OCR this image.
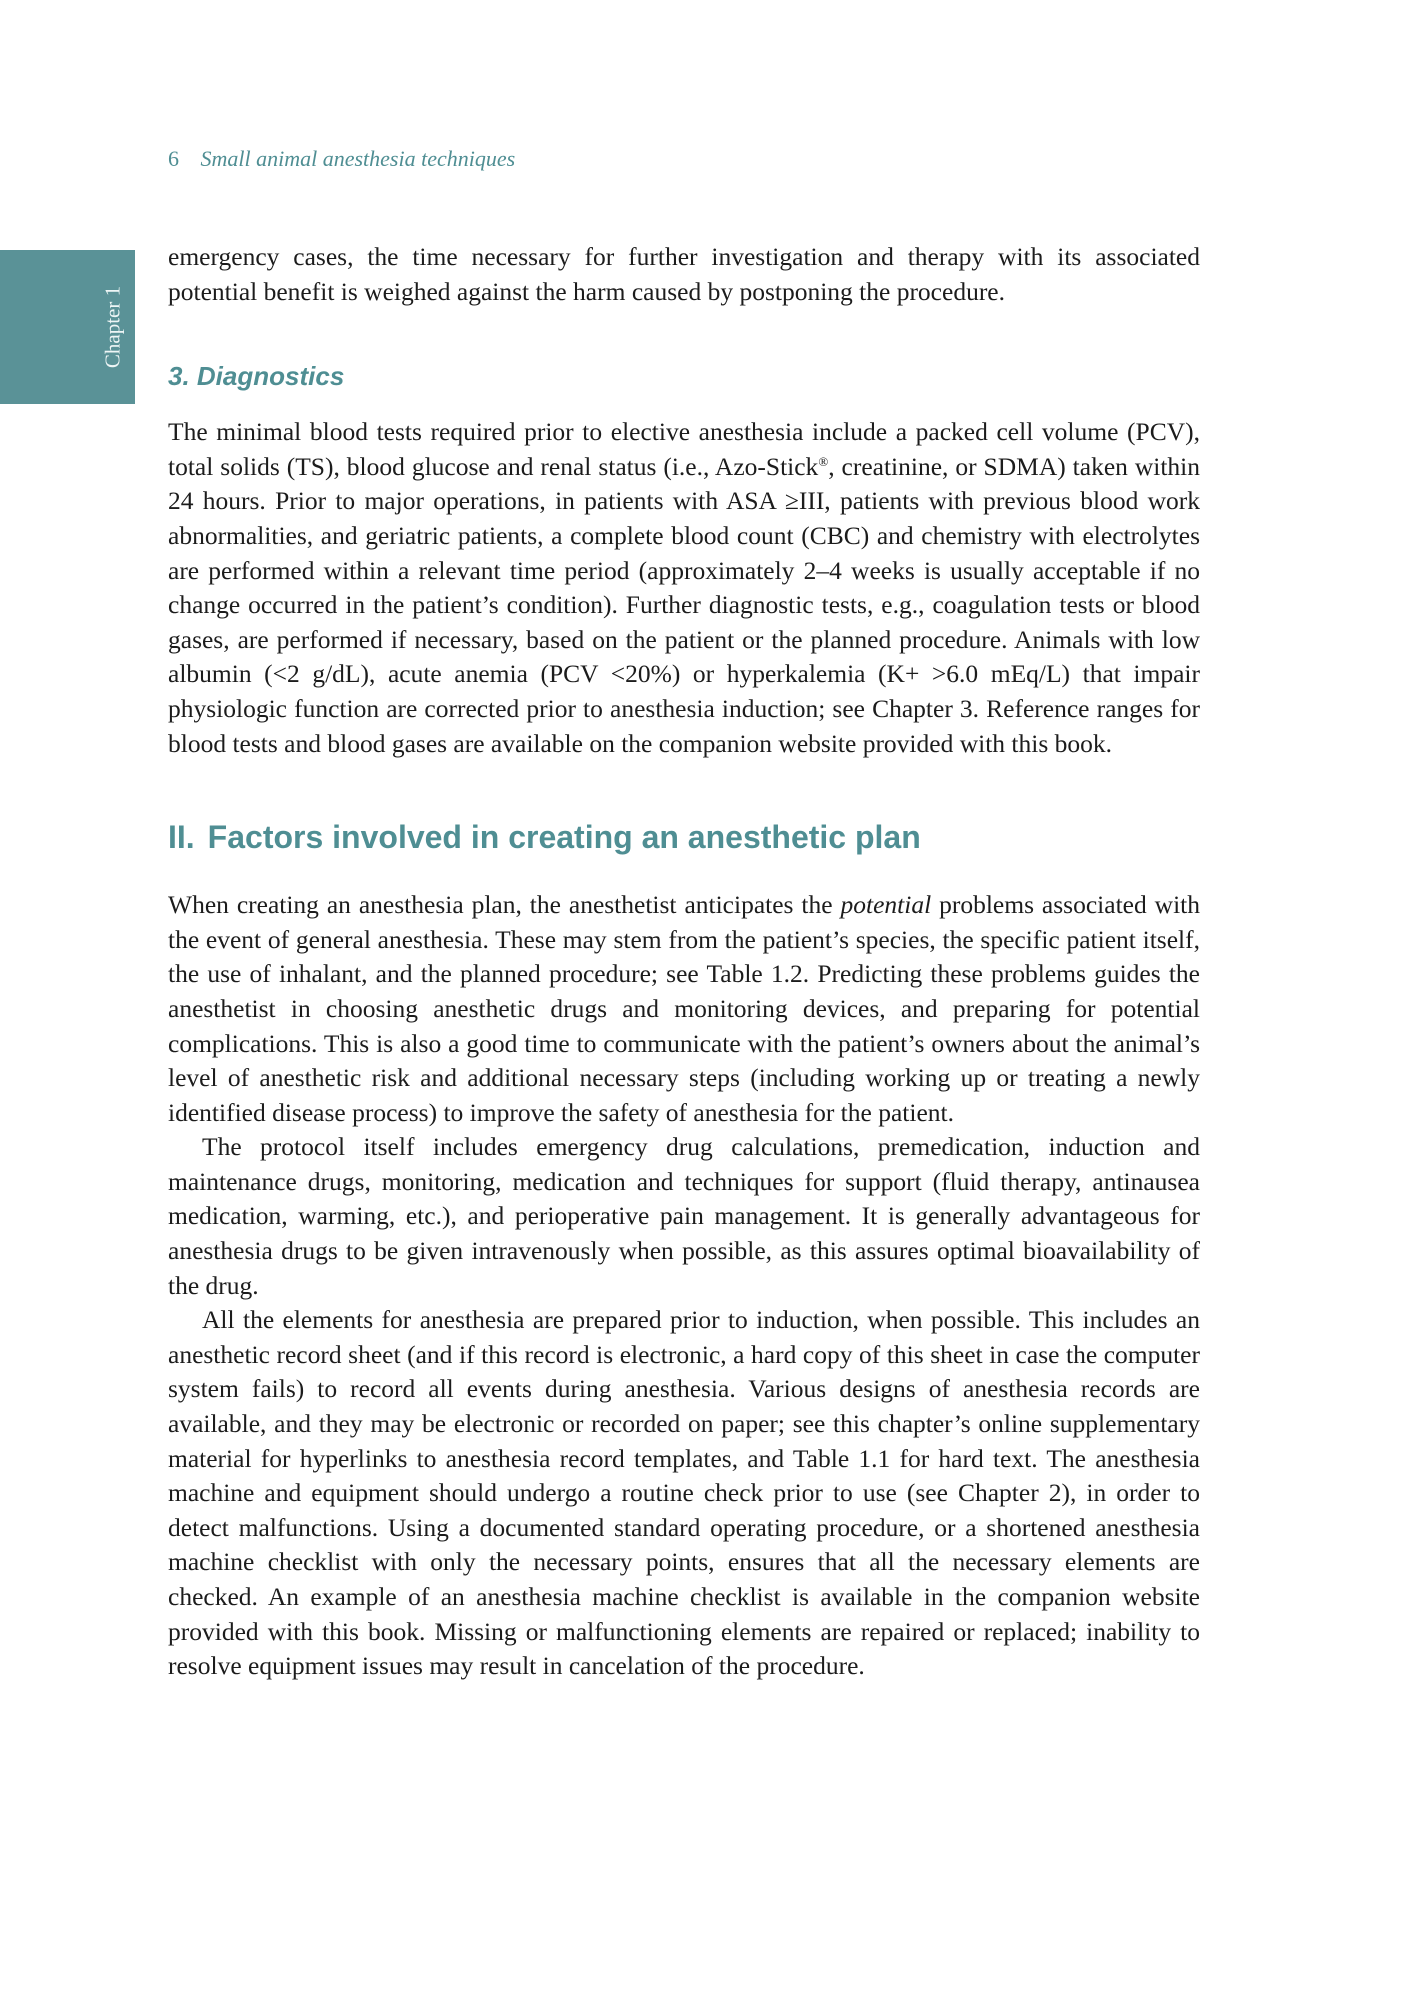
6 Small animal anesthesia techniques
Chapter 1

emergency cases, the time necessary for further investigation and therapy with its associated potential benefit is weighed against the harm caused by postponing the procedure.

3. Diagnostics

The minimal blood tests required prior to elective anesthesia include a packed cell volume (PCV), total solids (TS), blood glucose and renal status (i.e., Azo-Stick®, creatinine, or SDMA) taken within 24 hours. Prior to major operations, in patients with ASA ≥III, patients with previous blood work abnormalities, and geriatric patients, a complete blood count (CBC) and chemistry with electrolytes are performed within a relevant time period (approximately 2–4 weeks is usually acceptable if no change occurred in the patient’s condition). Further diagnostic tests, e.g., coagulation tests or blood gases, are performed if necessary, based on the patient or the planned procedure. Animals with low albumin (<2 g/dL), acute anemia (PCV <20%) or hyperkalemia (K+ >6.0 mEq/L) that impair physiologic function are corrected prior to anesthesia induction; see Chapter 3. Reference ranges for blood tests and blood gases are available on the companion website provided with this book.

II. Factors involved in creating an anesthetic plan

When creating an anesthesia plan, the anesthetist anticipates the potential problems associated with the event of general anesthesia. These may stem from the patient’s species, the specific patient itself, the use of inhalant, and the planned procedure; see Table 1.2. Predicting these problems guides the anesthetist in choosing anesthetic drugs and monitoring devices, and preparing for potential complications. This is also a good time to communicate with the patient’s owners about the animal’s level of anesthetic risk and additional necessary steps (including working up or treating a newly identified disease process) to improve the safety of anesthesia for the patient.

The protocol itself includes emergency drug calculations, premedication, induction and maintenance drugs, monitoring, medication and techniques for support (fluid therapy, antinausea medication, warming, etc.), and perioperative pain management. It is generally advantageous for anesthesia drugs to be given intravenously when possible, as this assures optimal bioavailability of the drug.

All the elements for anesthesia are prepared prior to induction, when possible. This includes an anesthetic record sheet (and if this record is electronic, a hard copy of this sheet in case the computer system fails) to record all events during anesthesia. Various designs of anesthesia records are available, and they may be electronic or recorded on paper; see this chapter’s online supplementary material for hyperlinks to anesthesia record templates, and Table 1.1 for hard text. The anesthesia machine and equipment should undergo a routine check prior to use (see Chapter 2), in order to detect malfunctions. Using a documented standard operating procedure, or a shortened anesthesia machine checklist with only the necessary points, ensures that all the necessary elements are checked. An example of an anesthesia machine checklist is available in the companion website provided with this book. Missing or malfunctioning elements are repaired or replaced; inability to resolve equipment issues may result in cancelation of the procedure.
